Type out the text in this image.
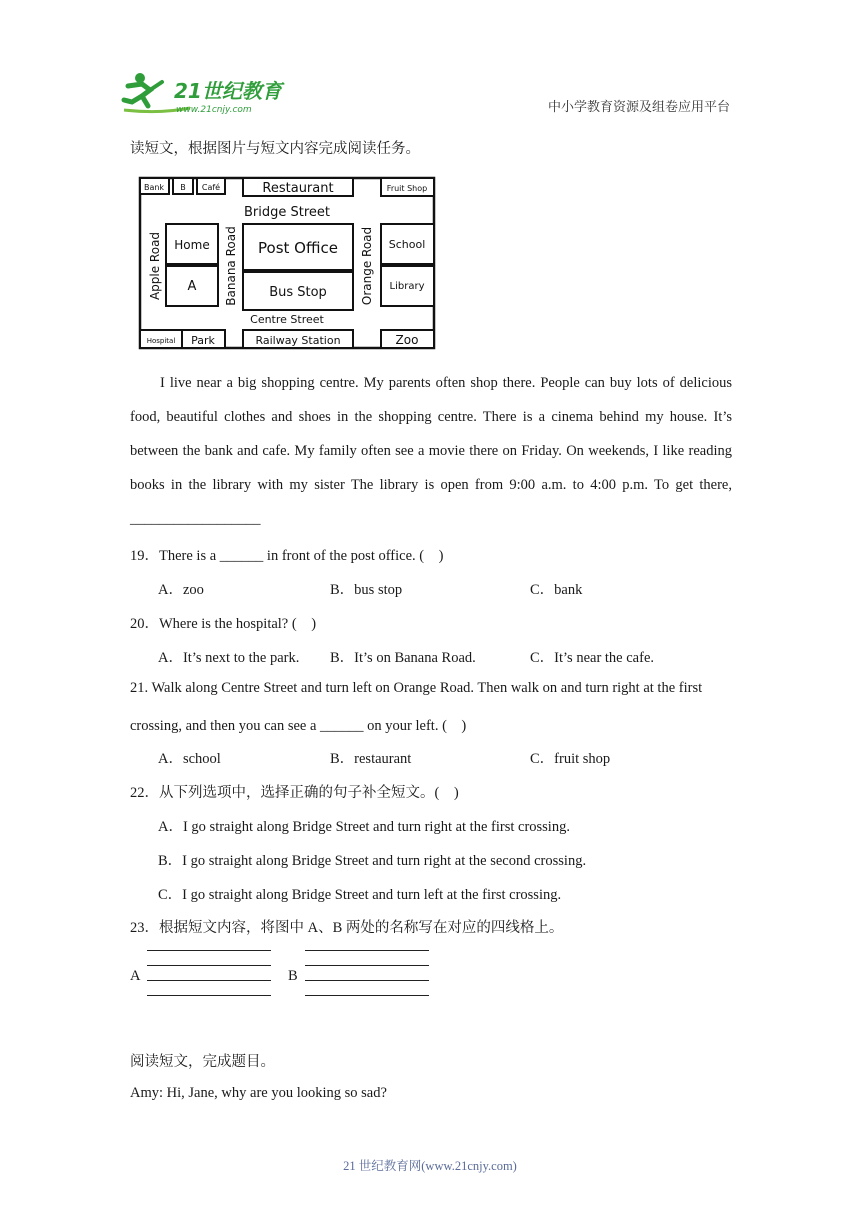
21世纪教育
www.21cnjy.com	中小学教育资源及组卷应用平台
读短文，根据图片与短文内容完成阅读任务。
Bank B Café	Restaurant	Fruit Shop
Bridge Street
Apple Road Home
A Banana Road Post Office
Bus Stop	Orange Road School
Library
Centre Street
Hospital Park	Railway Station	Zoo
I live near a big shopping centre. My parents often shop there. People can buy lots of delicious food, beautiful clothes and shoes in the shopping centre. There is a cinema behind my house. It’s between the bank and cafe. My family often see a movie there on Friday. On weekends, I like reading books in the library with my sister The library is open from 9:00 a.m. to 4:00 p.m. To get there, __________________
19．There is a ______ in front of the post office. (　)
A．zoo	B．bus stop	C．bank
20．Where is the hospital? (　)
A．It’s next to the park. B．It’s on Banana Road.	C．It’s near the cafe.
21. Walk along Centre Street and turn left on Orange Road. Then walk on and turn right at the first
crossing, and then you can see a ______ on your left. (　)
A．school	B．restaurant	C．fruit shop
22．从下列选项中，选择正确的句子补全短文。(　)
A．I go straight along Bridge Street and turn right at the first crossing.
B．I go straight along Bridge Street and turn right at the second crossing.
C．I go straight along Bridge Street and turn left at the first crossing.
23．根据短文内容，将图中 A、B 两处的名称写在对应的四线格上。
A	B
阅读短文，完成题目。
Amy: Hi, Jane, why are you looking so sad?
21 世纪教育网(www.21cnjy.com)
